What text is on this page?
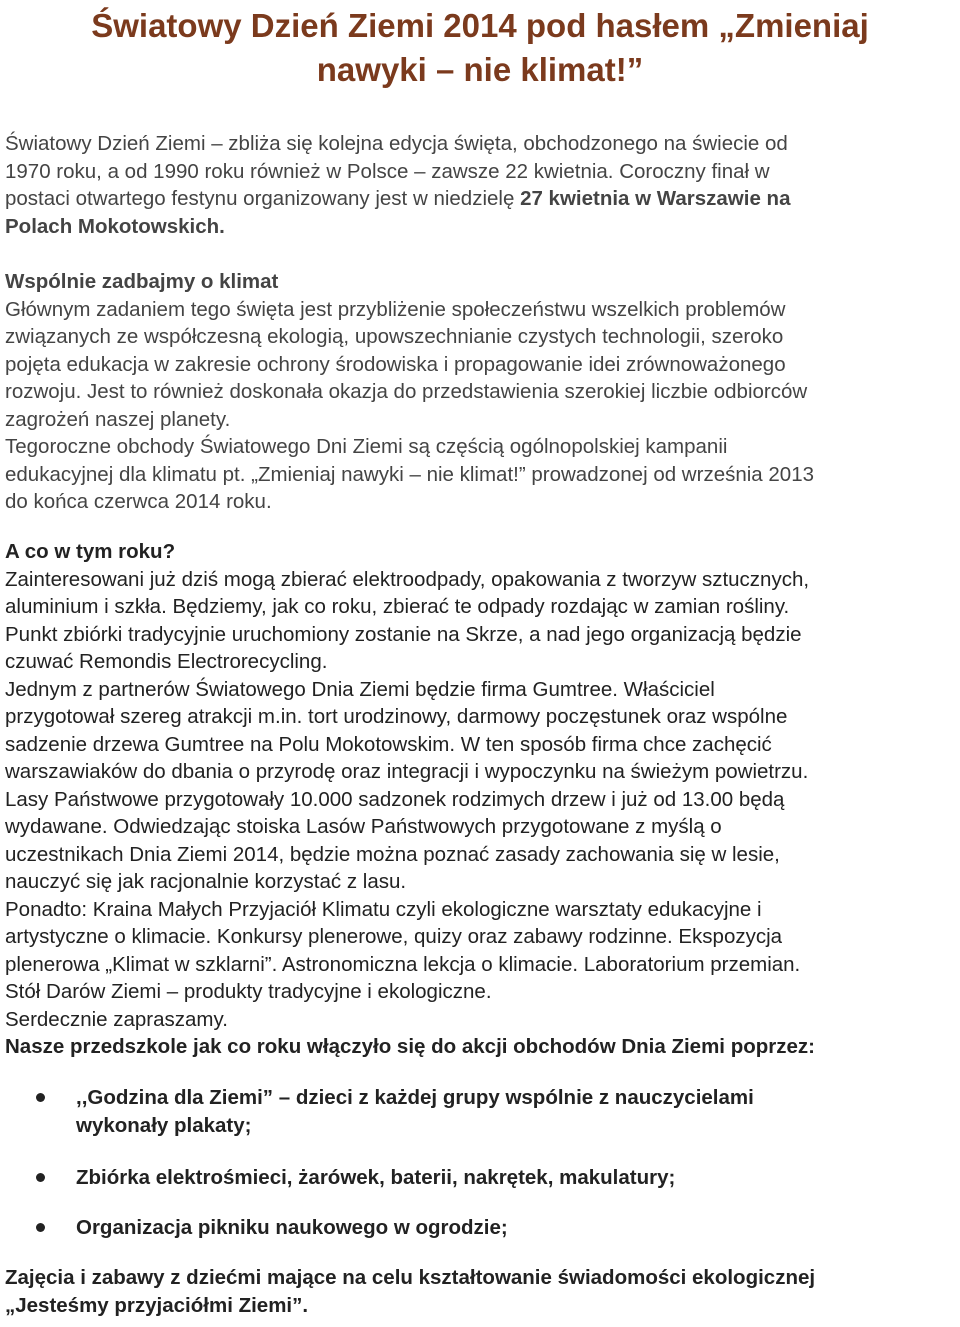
Światowy Dzień Ziemi 2014 pod hasłem „Zmieniaj
nawyki – nie klimat!”

Światowy Dzień Ziemi – zbliża się kolejna edycja święta, obchodzonego na świecie od
1970 roku, a od 1990 roku również w Polsce – zawsze 22 kwietnia. Coroczny finał w
postaci otwartego festynu organizowany jest w niedzielę 27 kwietnia w Warszawie na
Polach Mokotowskich.

Wspólnie zadbajmy o klimat
Głównym zadaniem tego święta jest przybliżenie społeczeństwu wszelkich problemów
związanych ze współczesną ekologią, upowszechnianie czystych technologii, szeroko
pojęta edukacja w zakresie ochrony środowiska i propagowanie idei zrównoważonego
rozwoju. Jest to również doskonała okazja do przedstawienia szerokiej liczbie odbiorców
zagrożeń naszej planety.
Tegoroczne obchody Światowego Dni Ziemi są częścią ogólnopolskiej kampanii
edukacyjnej dla klimatu pt. „Zmieniaj nawyki – nie klimat!” prowadzonej od września 2013
do końca czerwca 2014 roku.
A co w tym roku?
Zainteresowani już dziś mogą zbierać elektroodpady, opakowania z tworzyw sztucznych,
aluminium i szkła. Będziemy, jak co roku, zbierać te odpady rozdając w zamian rośliny.
Punkt zbiórki tradycyjnie uruchomiony zostanie na Skrze, a nad jego organizacją będzie
czuwać Remondis Electrorecycling.
Jednym z partnerów Światowego Dnia Ziemi będzie firma Gumtree. Właściciel
przygotował szereg atrakcji m.in. tort urodzinowy, darmowy poczęstunek oraz wspólne
sadzenie drzewa Gumtree na Polu Mokotowskim. W ten sposób firma chce zachęcić
warszawiaków do dbania o przyrodę oraz integracji i wypoczynku na świeżym powietrzu.
Lasy Państwowe przygotowały 10.000 sadzonek rodzimych drzew i już od 13.00 będą
wydawane. Odwiedzając stoiska Lasów Państwowych przygotowane z myślą o
uczestnikach Dnia Ziemi 2014, będzie można poznać zasady zachowania się w lesie,
nauczyć się jak racjonalnie korzystać z lasu.
Ponadto: Kraina Małych Przyjaciół Klimatu czyli ekologiczne warsztaty edukacyjne i
artystyczne o klimacie. Konkursy plenerowe, quizy oraz zabawy rodzinne. Ekspozycja
plenerowa „Klimat w szklarni”. Astronomiczna lekcja o klimacie. Laboratorium przemian.
Stół Darów Ziemi – produkty tradycyjne i ekologiczne.
Serdecznie zapraszamy.
Nasze przedszkole jak co roku włączyło się do akcji obchodów Dnia Ziemi poprzez:
,,Godzina dla Ziemi” – dzieci z każdej grupy wspólnie z nauczycielami
wykonały plakaty;
Zbiórka elektrośmieci, żarówek, baterii, nakrętek, makulatury;
Organizacja pikniku naukowego w ogrodzie;
Zajęcia i zabawy z dziećmi mające na celu kształtowanie świadomości ekologicznej
„Jesteśmy przyjaciółmi Ziemi”.
